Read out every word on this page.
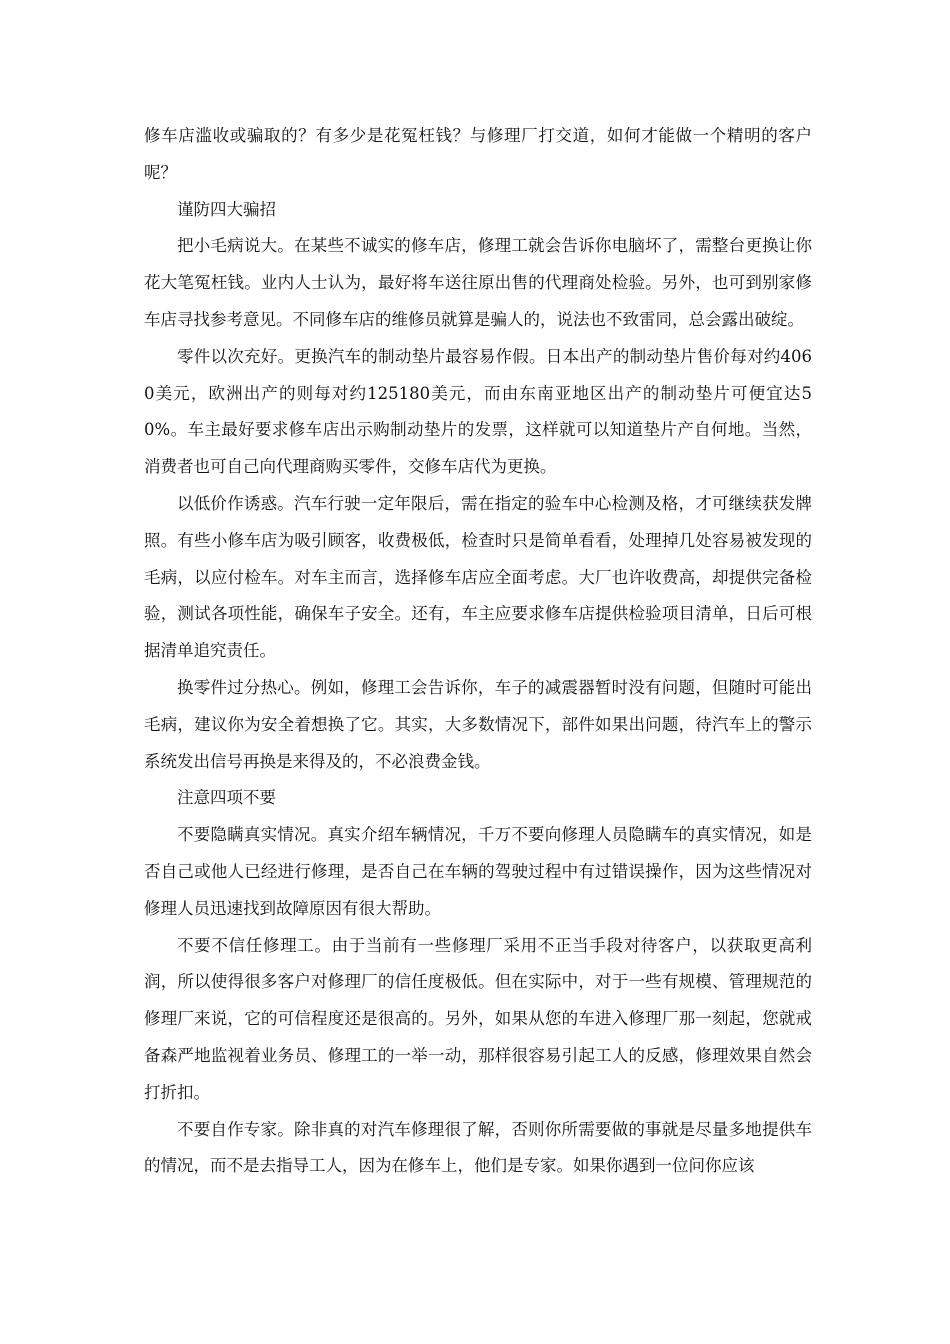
修车店滥收或骗取的？有多少是花冤枉钱？与修理厂打交道，如何才能做一个精明的客户呢？

谨防四大骗招

把小毛病说大。在某些不诚实的修车店，修理工就会告诉你电脑坏了，需整台更换让你花大笔冤枉钱。业内人士认为，最好将车送往原出售的代理商处检验。另外，也可到别家修车店寻找参考意见。不同修车店的维修员就算是骗人的，说法也不致雷同，总会露出破绽。

零件以次充好。更换汽车的制动垫片最容易作假。日本出产的制动垫片售价每对约4060美元，欧洲出产的则每对约125180美元，而由东南亚地区出产的制动垫片可便宜达50%。车主最好要求修车店出示购制动垫片的发票，这样就可以知道垫片产自何地。当然，消费者也可自己向代理商购买零件，交修车店代为更换。

以低价作诱惑。汽车行驶一定年限后，需在指定的验车中心检测及格，才可继续获发牌照。有些小修车店为吸引顾客，收费极低，检查时只是简单看看，处理掉几处容易被发现的毛病，以应付检车。对车主而言，选择修车店应全面考虑。大厂也许收费高，却提供完备检验，测试各项性能，确保车子安全。还有，车主应要求修车店提供检验项目清单，日后可根据清单追究责任。

换零件过分热心。例如，修理工会告诉你，车子的减震器暂时没有问题，但随时可能出毛病，建议你为安全着想换了它。其实，大多数情况下，部件如果出问题，待汽车上的警示系统发出信号再换是来得及的，不必浪费金钱。

注意四项不要

不要隐瞒真实情况。真实介绍车辆情况，千万不要向修理人员隐瞒车的真实情况，如是否自己或他人已经进行修理，是否自己在车辆的驾驶过程中有过错误操作，因为这些情况对修理人员迅速找到故障原因有很大帮助。

不要不信任修理工。由于当前有一些修理厂采用不正当手段对待客户，以获取更高利润，所以使得很多客户对修理厂的信任度极低。但在实际中，对于一些有规模、管理规范的修理厂来说，它的可信程度还是很高的。另外，如果从您的车进入修理厂那一刻起，您就戒备森严地监视着业务员、修理工的一举一动，那样很容易引起工人的反感，修理效果自然会打折扣。

不要自作专家。除非真的对汽车修理很了解，否则你所需要做的事就是尽量多地提供车的情况，而不是去指导工人，因为在修车上，他们是专家。如果你遇到一位问你应该
